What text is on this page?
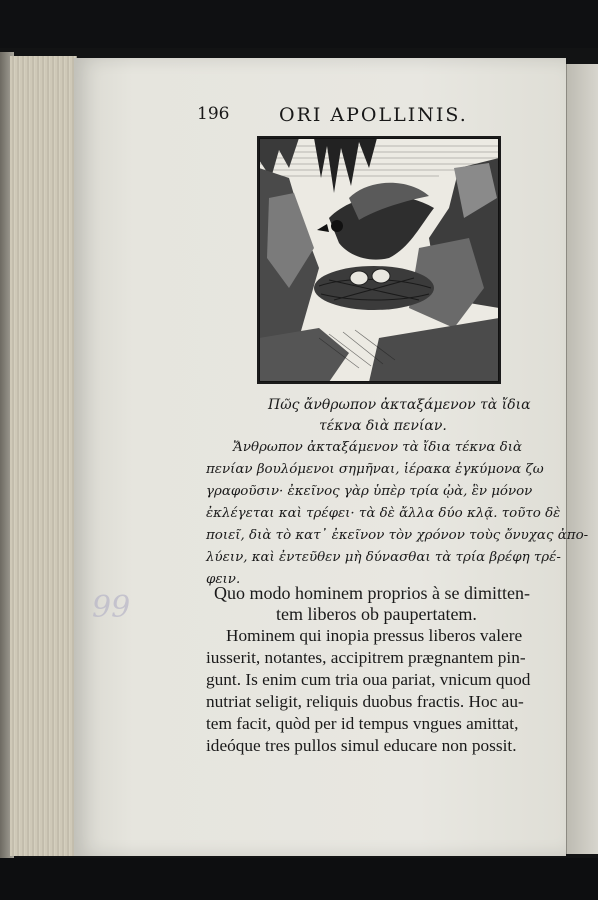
99
196	ORI APOLLINIS.
Πῶς ἄνθρωπον ἀκταξάμενον τὰ ἴδια
τέκνα διὰ πενίαν.
Ἄνθρωπον ἀκταξάμενον τὰ ἴδια τέκνα διὰ
πενίαν βουλόμενοι σημῆναι, ἱέρακα ἐγκύμονα ζω
γραφοῦσιν· ἐκεῖνος γὰρ ὑπὲρ τρία ᾠὰ, ἓν μόνον
ἐκλέγεται καὶ τρέφει· τὰ δὲ ἄλλα δύο κλᾷ. τοῦτο δὲ
ποιεῖ, διὰ τὸ κατ᾽ ἐκεῖνον τὸν χρόνον τοὺς ὄνυχας ἀπο-
λύειν, καὶ ἐντεῦθεν μὴ δύνασθαι τὰ τρία βρέφη τρέ-
φειν.
Quo modo hominem proprios à se dimitten-
tem liberos ob paupertatem.
Hominem qui inopia pressus liberos valere
iusserit, notantes, accipitrem prægnantem pin-
gunt. Is enim cum tria oua pariat, vnicum quod
nutriat seligit, reliquis duobus fractis. Hoc au-
tem facit, quòd per id tempus vngues amittat,
ideóque tres pullos simul educare non possit.
